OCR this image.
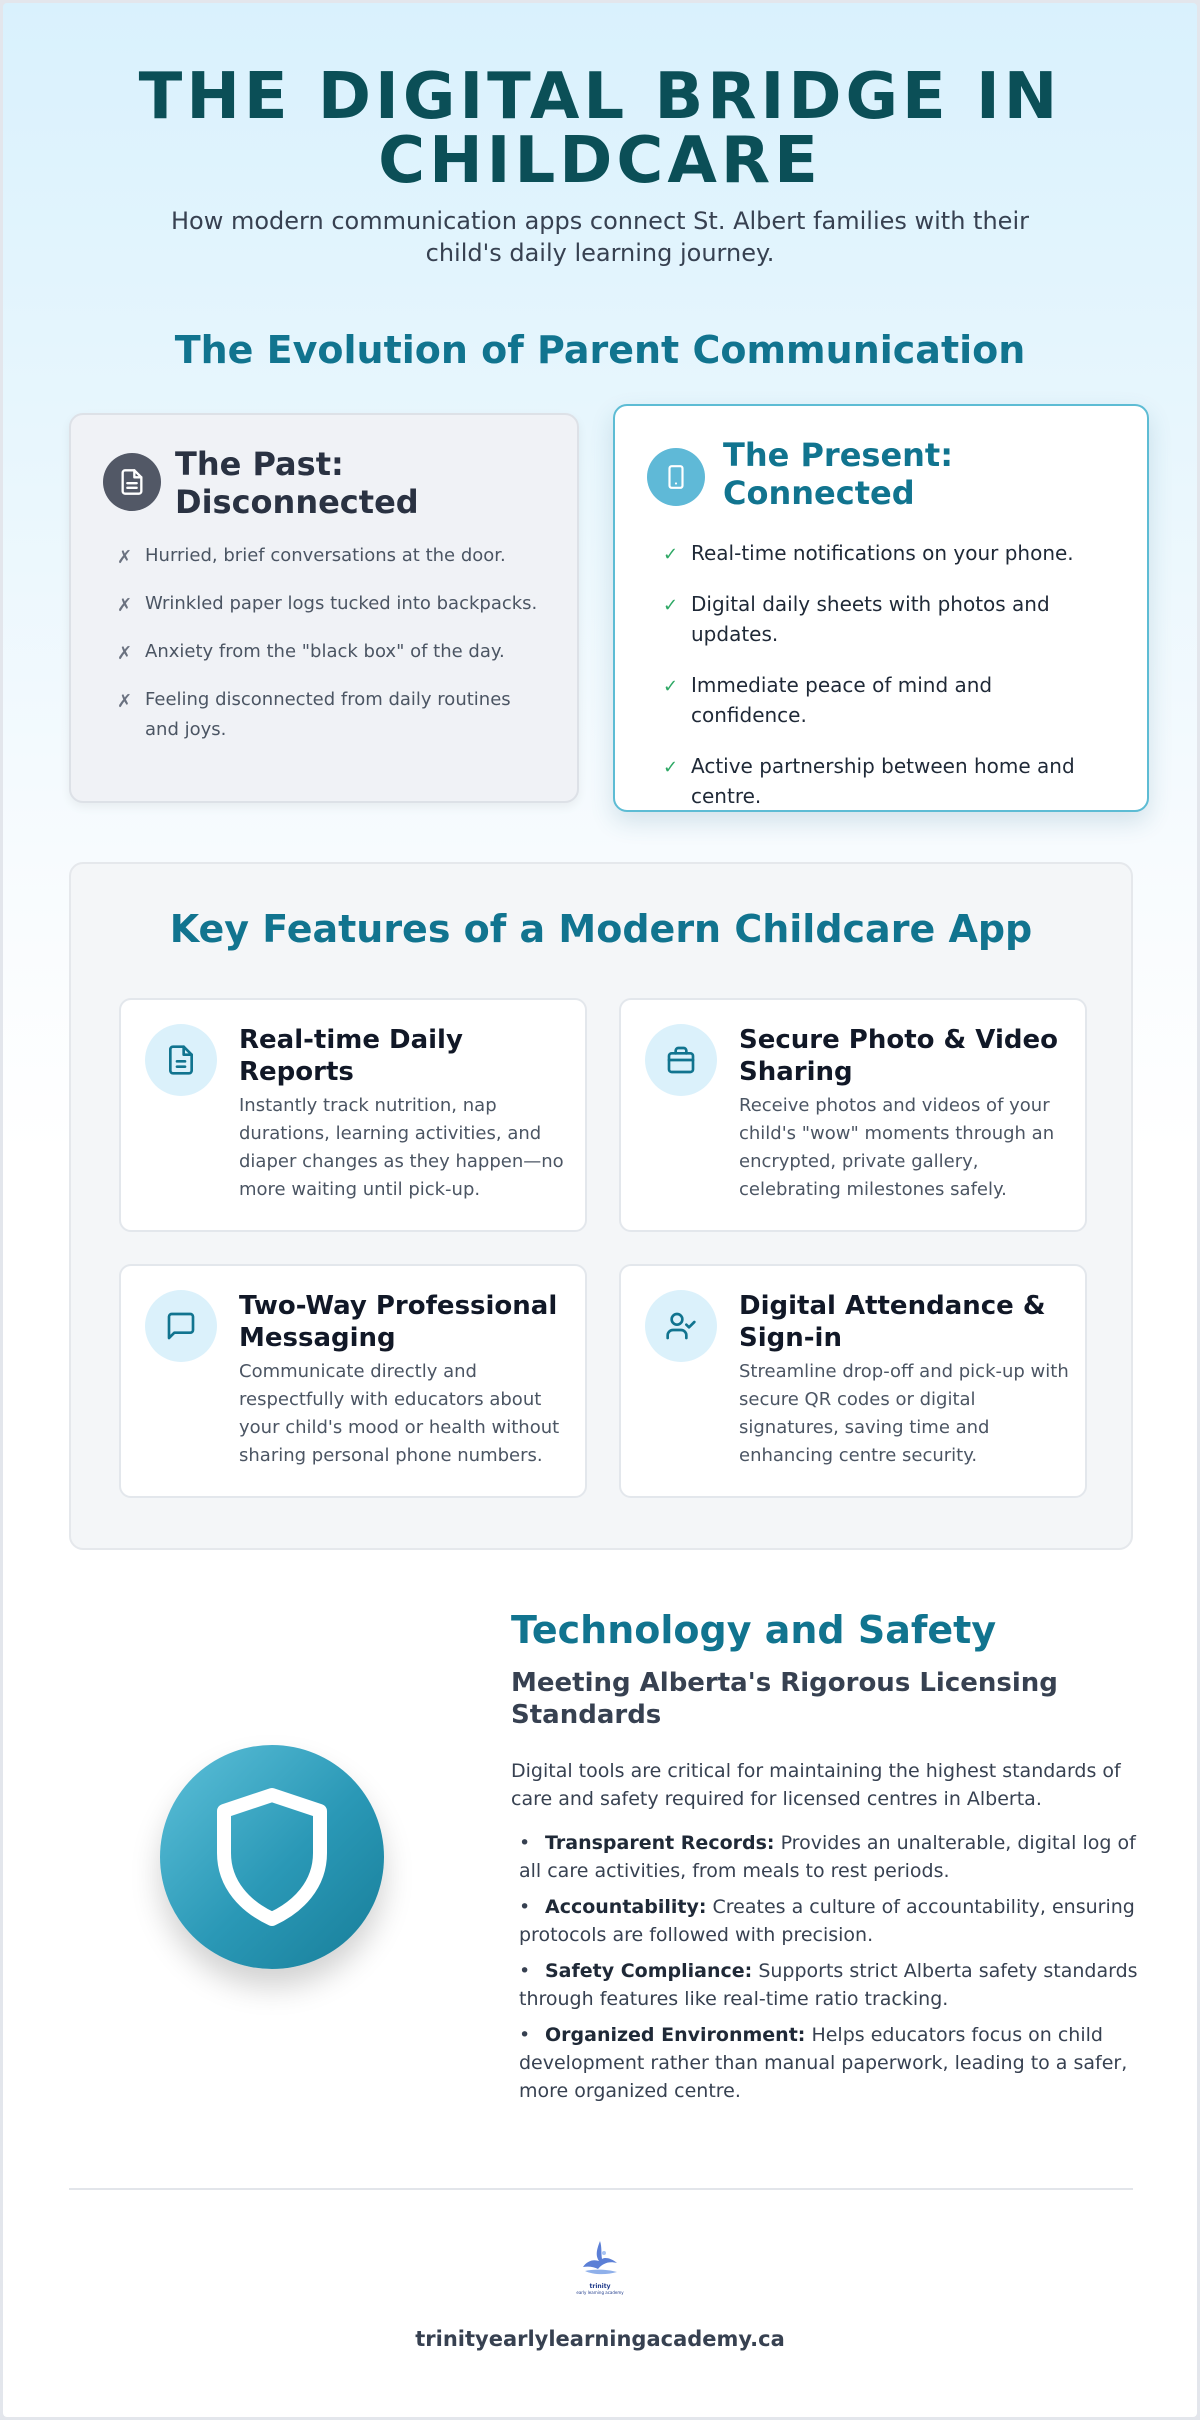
THE DIGITAL BRIDGE IN CHILDCARE

How modern communication apps connect St. Albert families with their child's daily learning journey.

The Evolution of Parent Communication
The Past: Disconnected
✗ Hurried, brief conversations at the door.
✗ Wrinkled paper logs tucked into backpacks.
✗ Anxiety from the "black box" of the day.
✗ Feeling disconnected from daily routines and joys.
The Present: Connected
✓ Real-time notifications on your phone.
✓ Digital daily sheets with photos and updates.
✓ Immediate peace of mind and confidence.
✓ Active partnership between home and centre.
Key Features of a Modern Childcare App
Real-time Daily Reports
Instantly track nutrition, nap durations, learning activities, and diaper changes as they happen—no more waiting until pick-up.
Secure Photo & Video Sharing
Receive photos and videos of your child's "wow" moments through an encrypted, private gallery, celebrating milestones safely.
Two-Way Professional Messaging
Communicate directly and respectfully with educators about your child's mood or health without sharing personal phone numbers.
Digital Attendance & Sign-in
Streamline drop-off and pick-up with secure QR codes or digital signatures, saving time and enhancing centre security.
Technology and Safety
Meeting Alberta's Rigorous Licensing Standards

Digital tools are critical for maintaining the highest standards of care and safety required for licensed centres in Alberta.

• Transparent Records: Provides an unalterable, digital log of all care activities, from meals to rest periods.
• Accountability: Creates a culture of accountability, ensuring protocols are followed with precision.
• Safety Compliance: Supports strict Alberta safety standards through features like real-time ratio tracking.
• Organized Environment: Helps educators focus on child development rather than manual paperwork, leading to a safer, more organized centre.
trinity
early learning academy
trinityearlylearningacademy.ca
